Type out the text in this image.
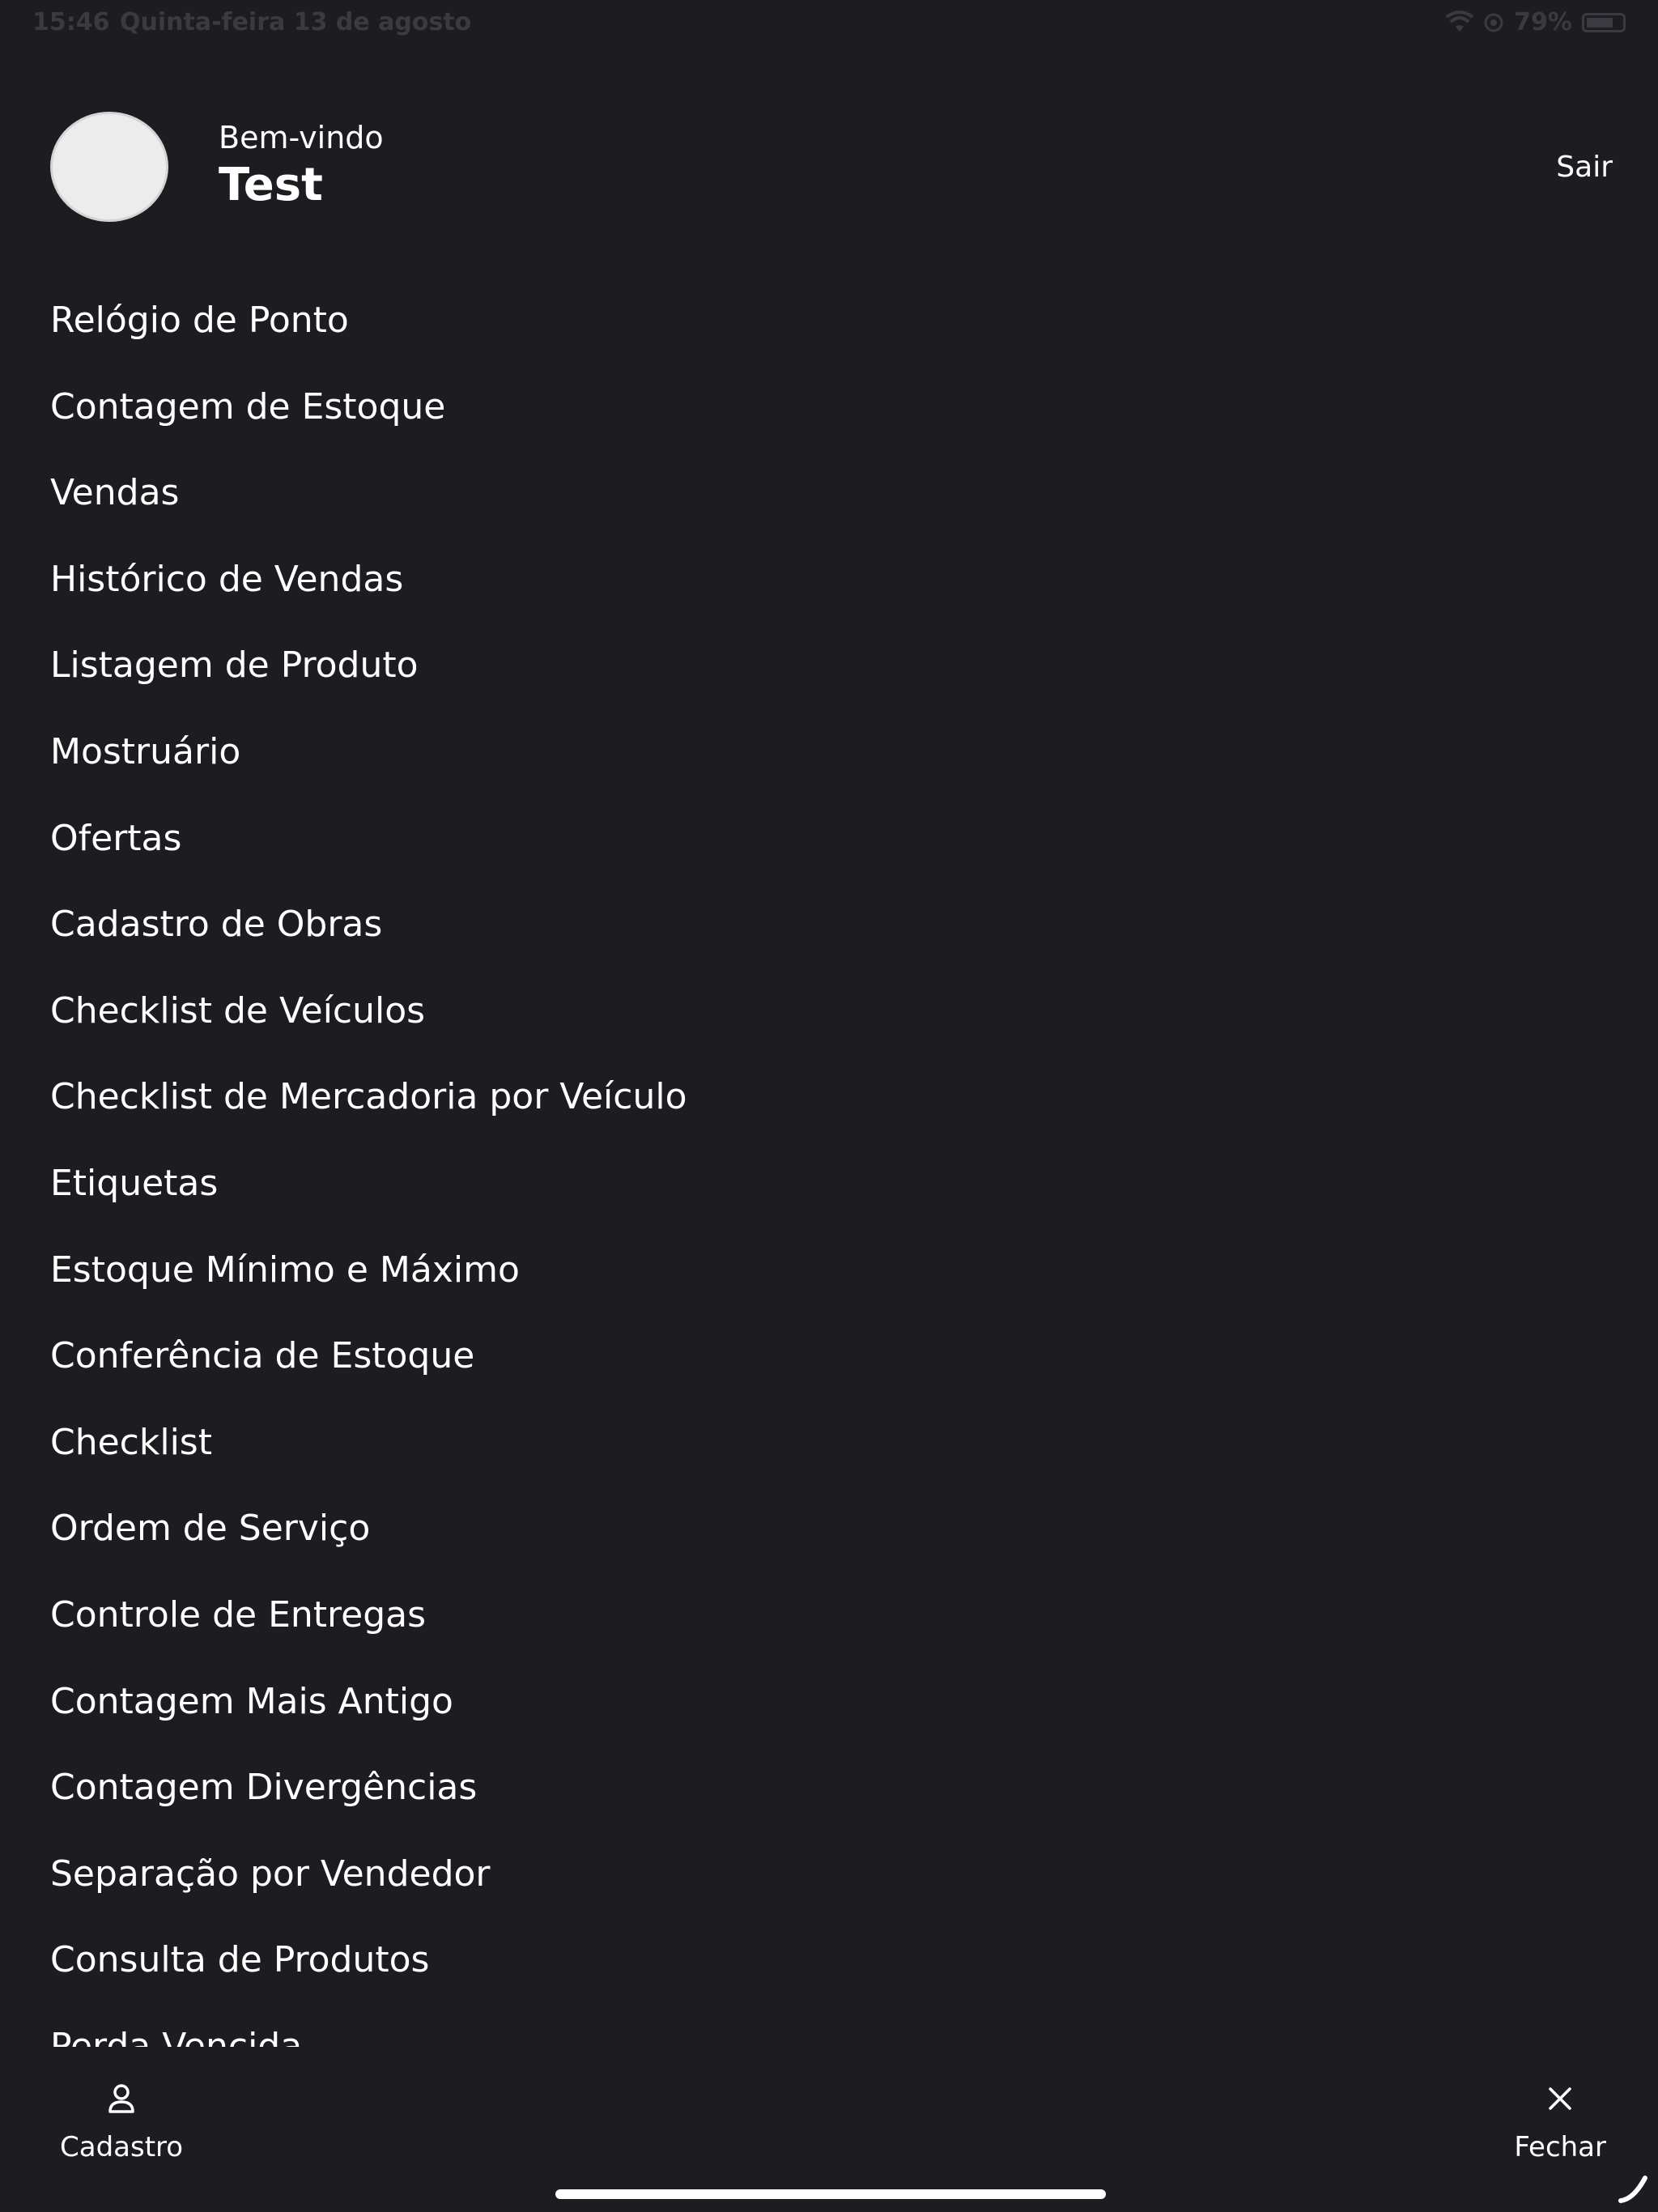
15:46 Quinta-feira 13 de agosto	79%
Bem-vindo
Test	Sair
Relógio de Ponto
Contagem de Estoque
Vendas
Histórico de Vendas
Listagem de Produto
Mostruário
Ofertas
Cadastro de Obras
Checklist de Veículos
Checklist de Mercadoria por Veículo
Etiquetas
Estoque Mínimo e Máximo
Conferência de Estoque
Checklist
Ordem de Serviço
Controle de Entregas
Contagem Mais Antigo
Contagem Divergências
Separação por Vendedor
Consulta de Produtos
Cadastro	Fechar
